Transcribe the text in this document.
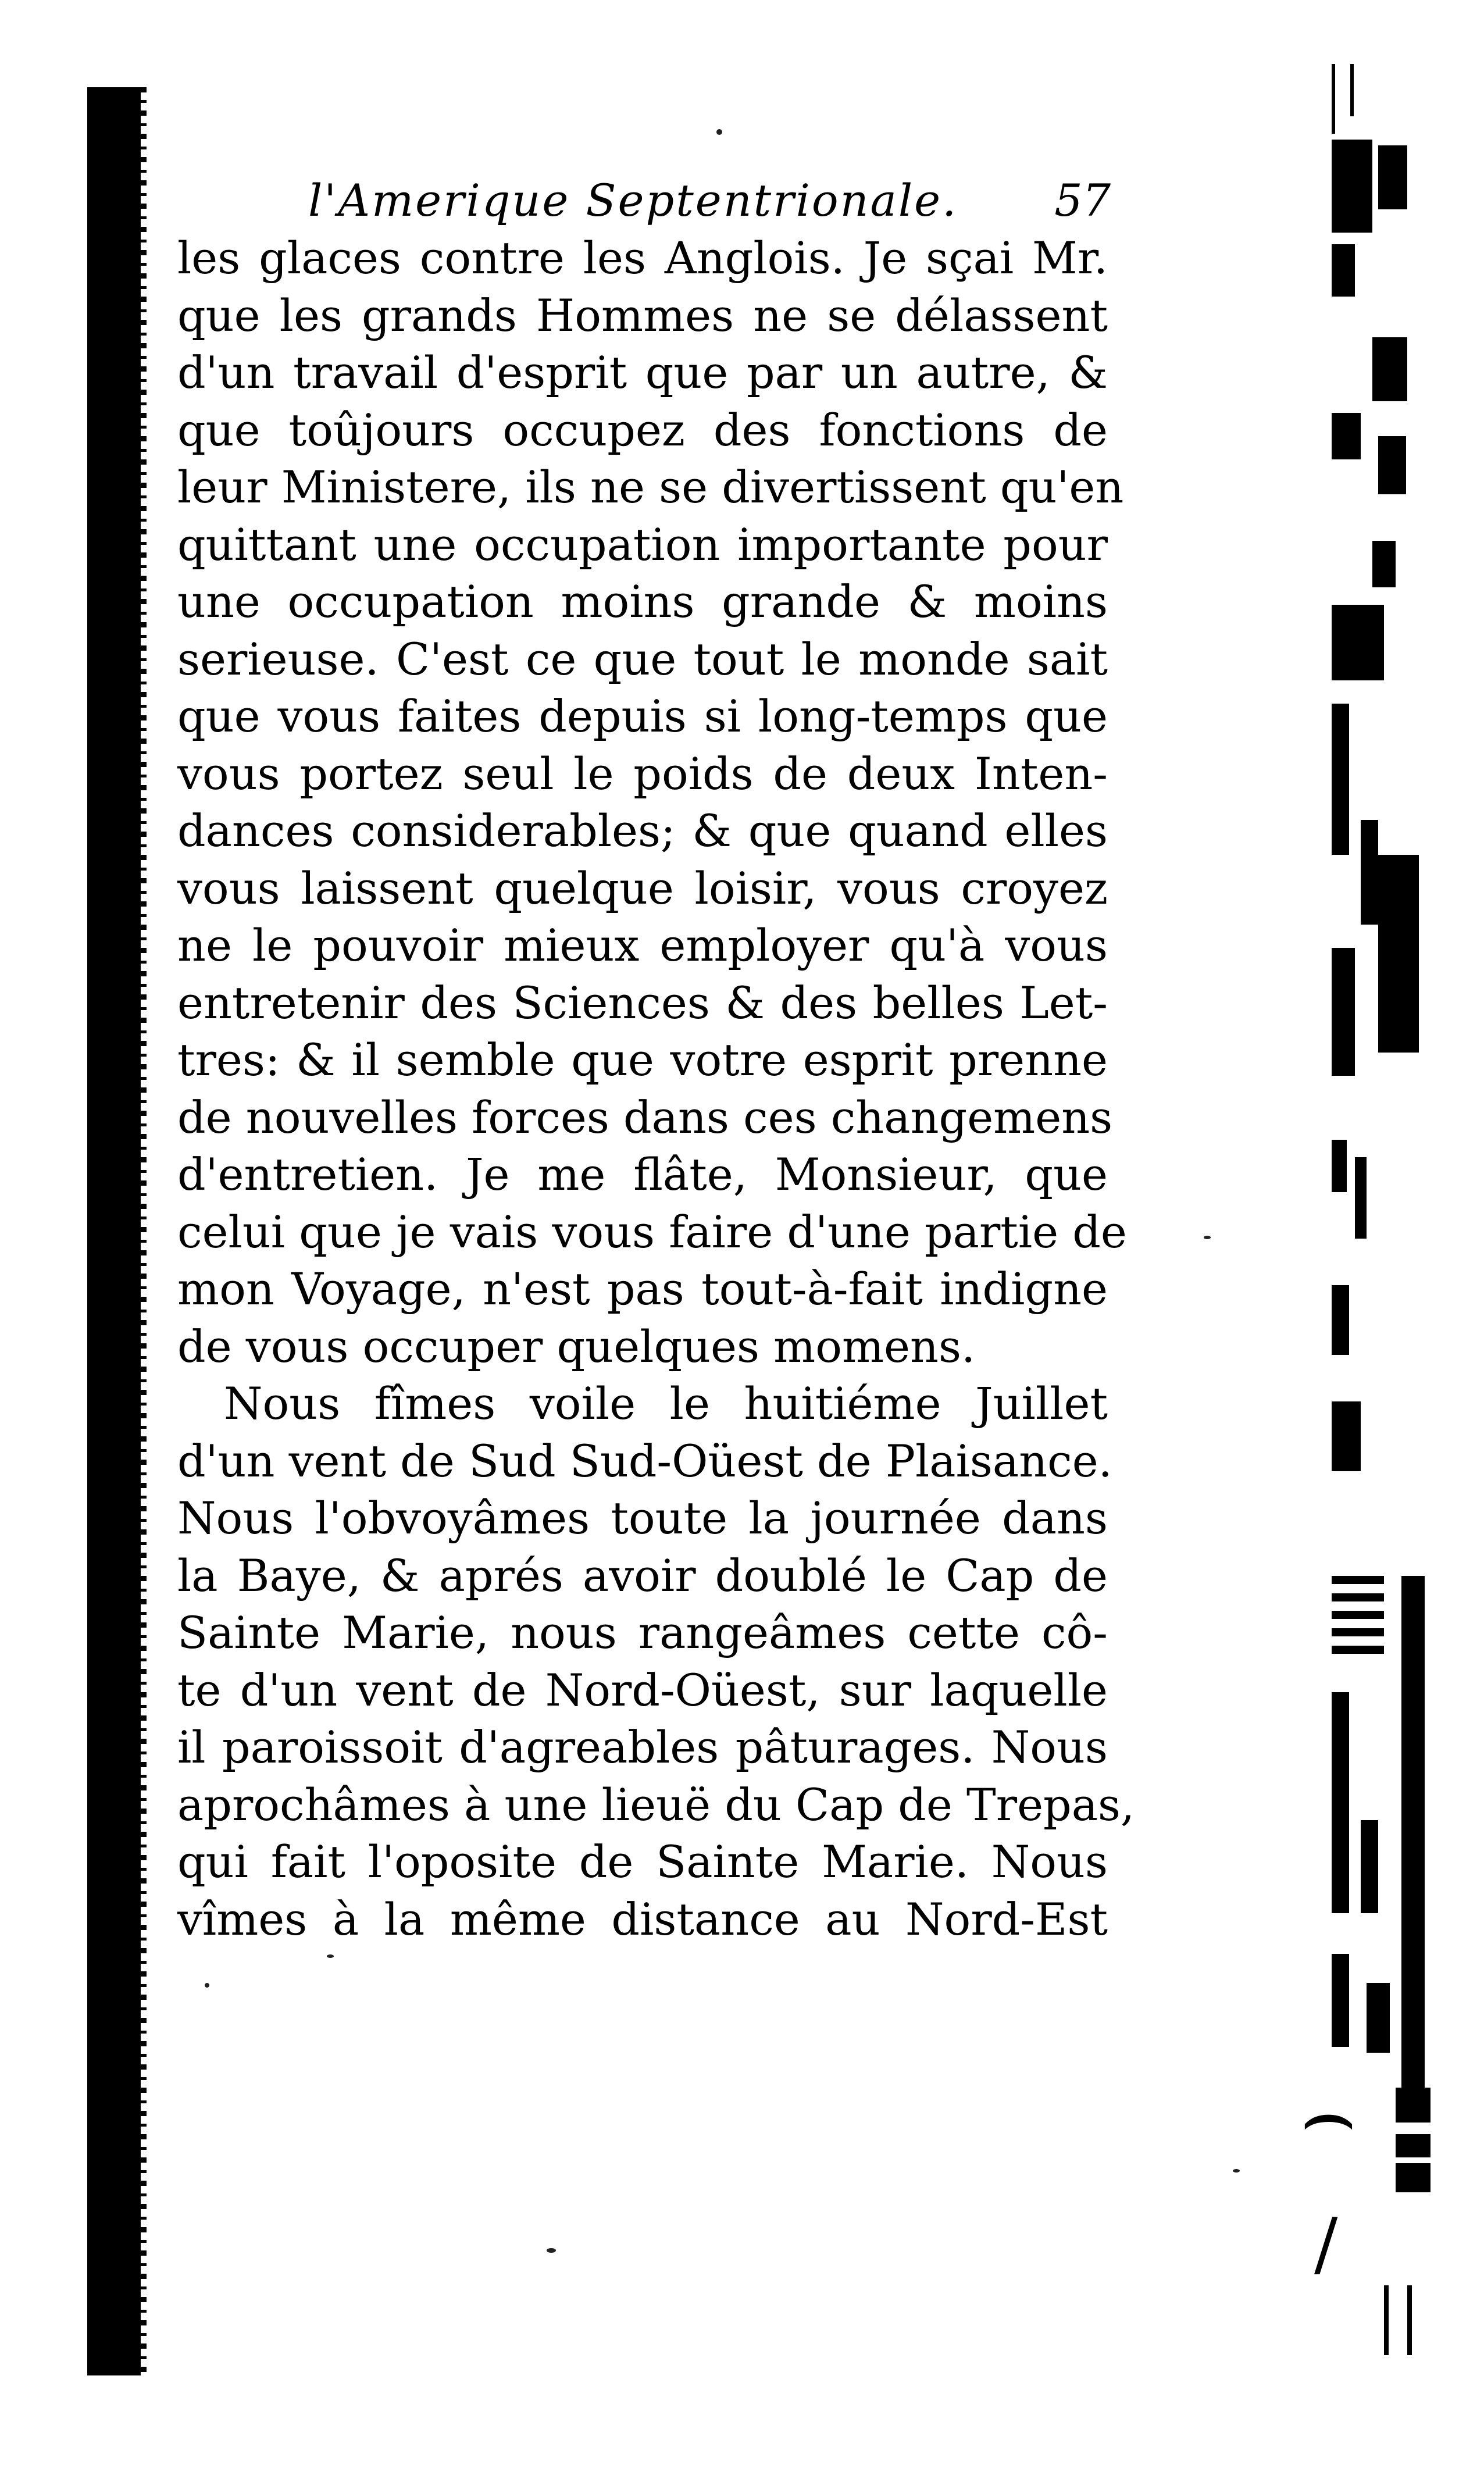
⌢
/
l'Amerique Septentrionale. 57
les glaces contre les Anglois. Je sçai Mr.
que les grands Hommes ne se délassent
d'un travail d'esprit que par un autre, &
que toûjours occupez des fonctions de
leur Ministere, ils ne se divertissent qu'en
quittant une occupation importante pour
une occupation moins grande & moins
serieuse. C'est ce que tout le monde sait
que vous faites depuis si long-temps que
vous portez seul le poids de deux Inten-
dances considerables; & que quand elles
vous laissent quelque loisir, vous croyez
ne le pouvoir mieux employer qu'à vous
entretenir des Sciences & des belles Let-
tres: & il semble que votre esprit prenne
de nouvelles forces dans ces changemens
d'entretien. Je me flâte, Monsieur, que
celui que je vais vous faire d'une partie de
mon Voyage, n'est pas tout-à-fait indigne
de vous occuper quelques momens.
Nous fîmes voile le huitiéme Juillet
d'un vent de Sud Sud-Oüest de Plaisance.
Nous l'obvoyâmes toute la journée dans
la Baye, & aprés avoir doublé le Cap de
Sainte Marie, nous rangeâmes cette cô-
te d'un vent de Nord-Oüest, sur laquelle
il paroissoit d'agreables pâturages. Nous
aprochâmes à une lieuë du Cap de Trepas,
qui fait l'oposite de Sainte Marie. Nous
vîmes à la même distance au Nord-Est
